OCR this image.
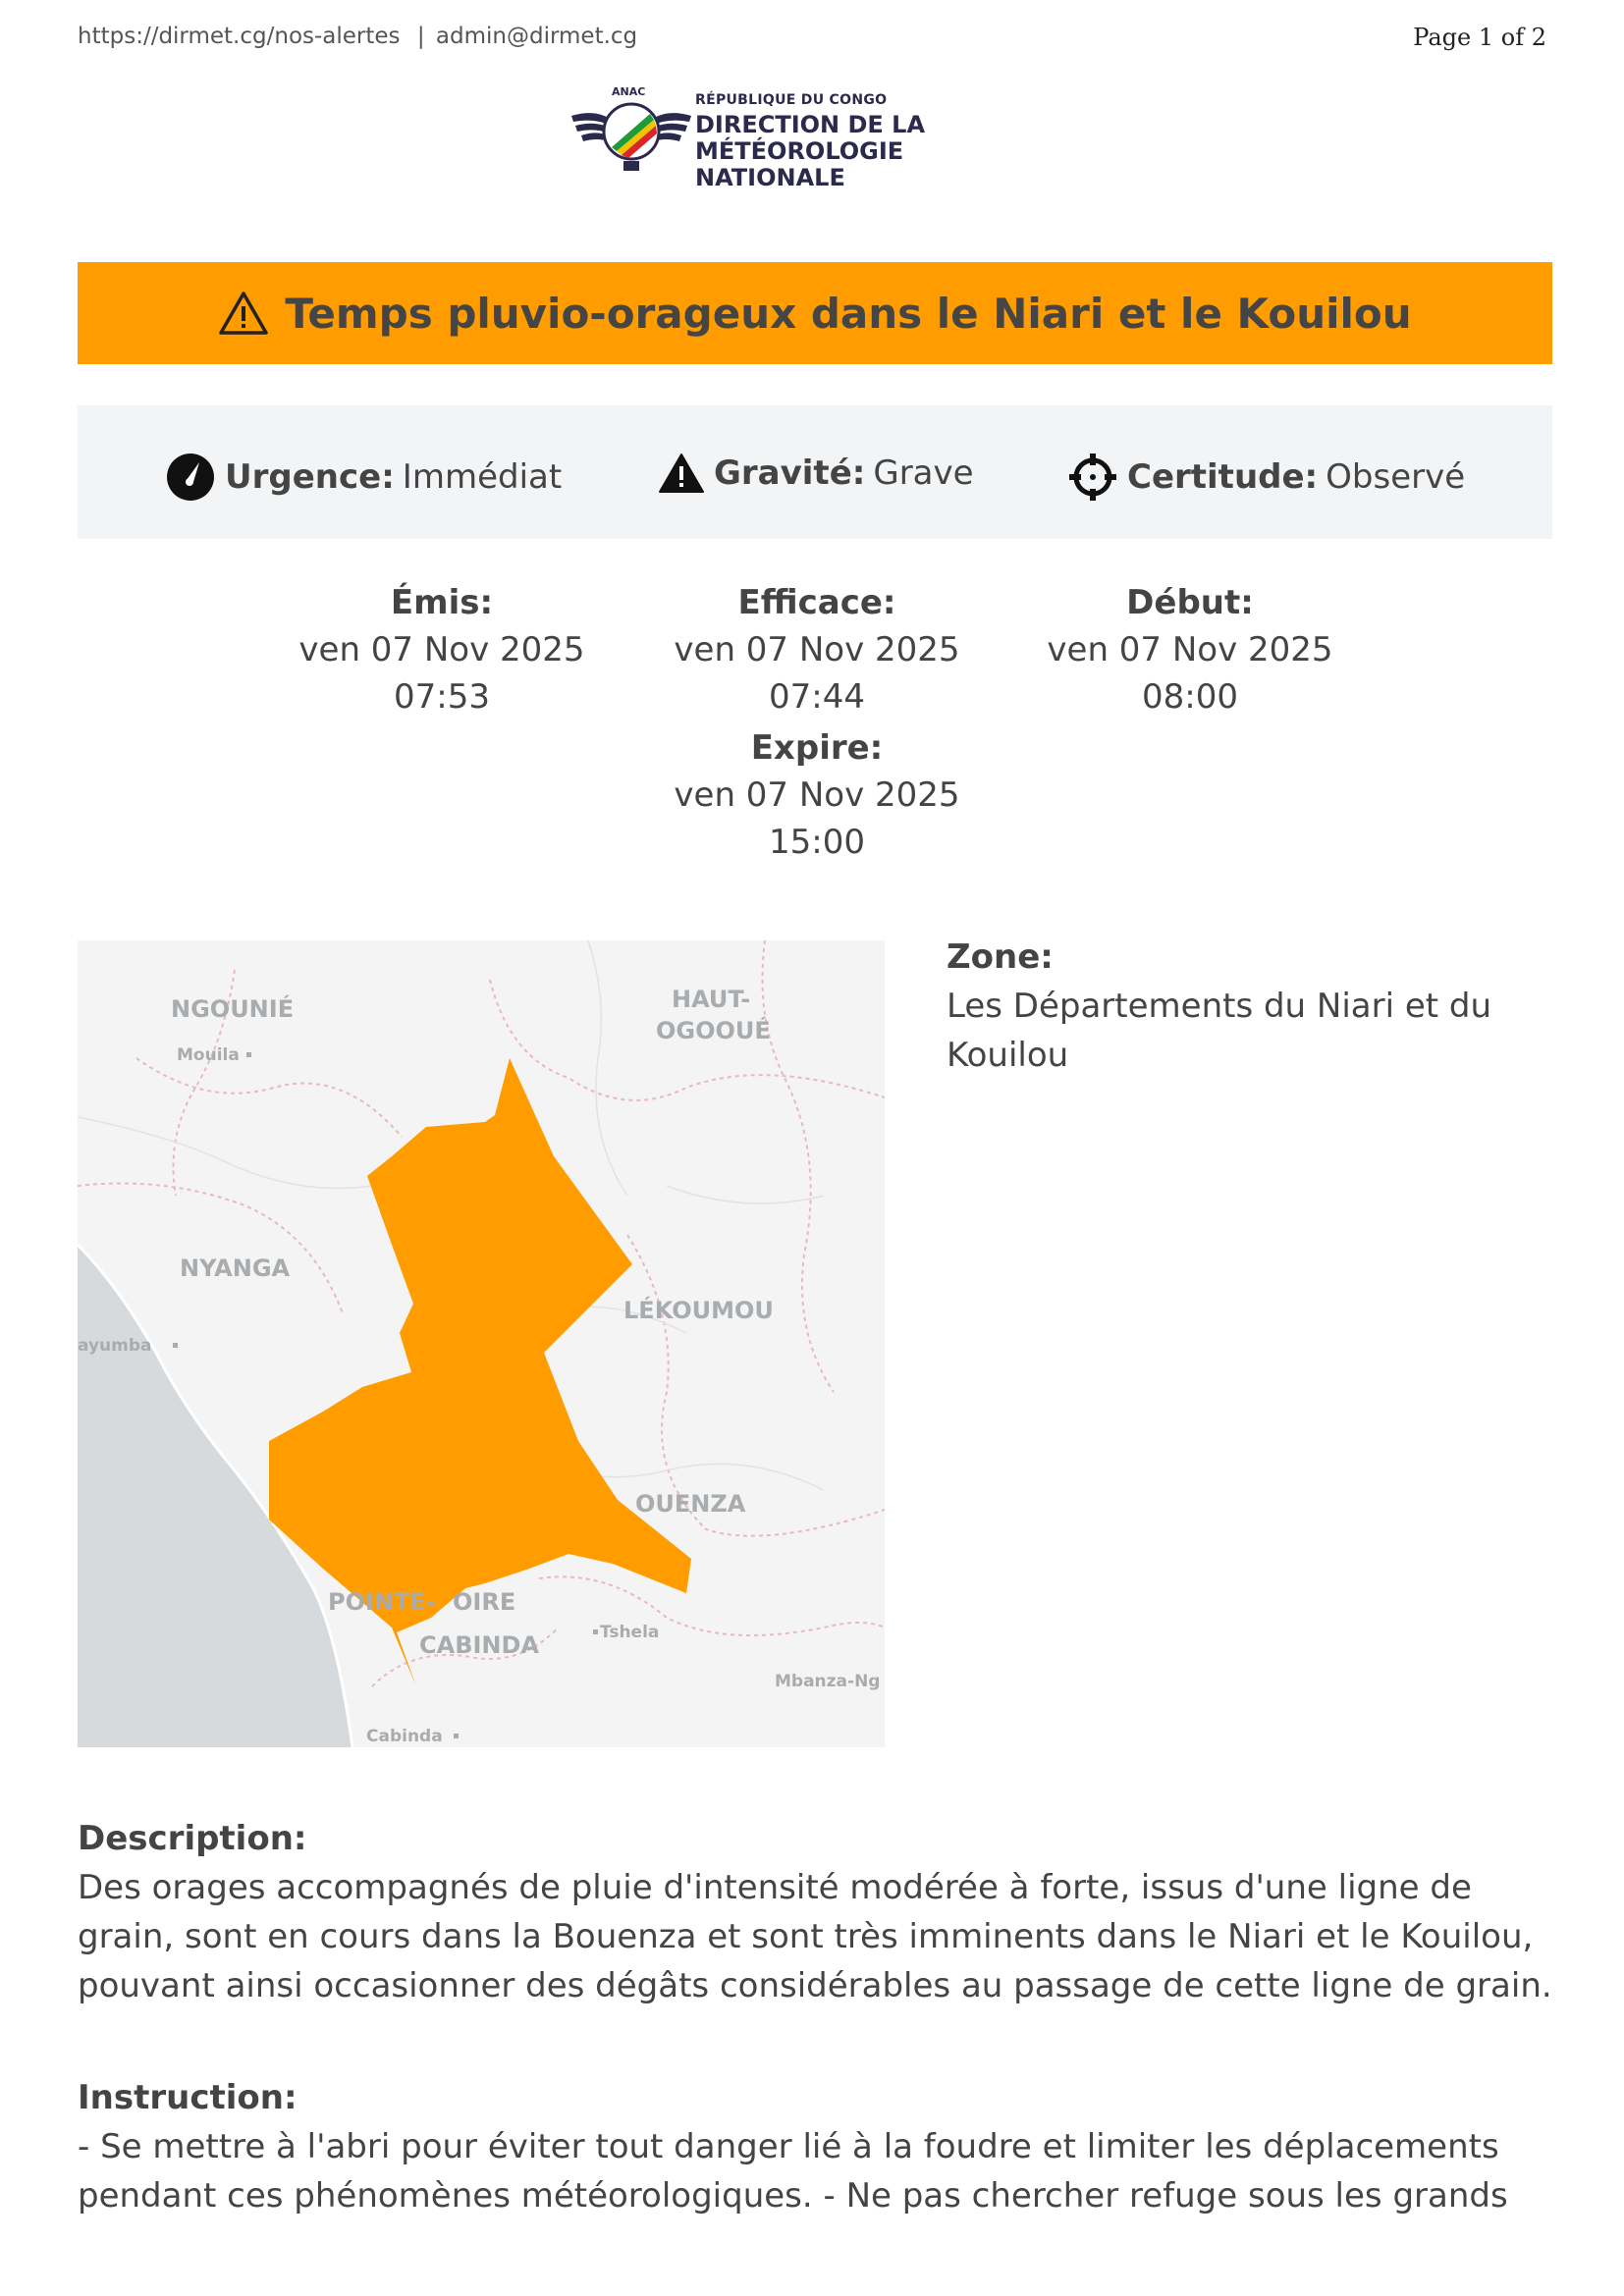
https://dirmet.cg/nos-alertes | admin@dirmet.cg	Page 1 of 2
ANAC
RÉPUBLIQUE DU CONGO
DIRECTION DE LA
MÉTÉOROLOGIE NATIONALE
Temps pluvio-orageux dans le Niari et le Kouilou
Urgence: Immédiat	Gravité: Grave	Certitude: Observé
Émis:
ven 07 Nov 2025
07:53
Efficace:
ven 07 Nov 2025
07:44
Début:
ven 07 Nov 2025
08:00
Expire:
ven 07 Nov 2025
15:00
NGOUNIÉ
Mouila
HAUT-
OGOOUÉ
NYANGA
ayumba
LÉKOUMOU
OUENZA
POINTE- OIRE
CABINDA	Tshela
Mbanza-Ng
Cabinda
Zone:
Les Départements du Niari et du Kouilou
Description:
Des orages accompagnés de pluie d'intensité modérée à forte, issus d'une ligne de grain, sont en cours dans la Bouenza et sont très imminents dans le Niari et le Kouilou, pouvant ainsi occasionner des dégâts considérables au passage de cette ligne de grain.
Instruction:
- Se mettre à l'abri pour éviter tout danger lié à la foudre et limiter les déplacements pendant ces phénomènes météorologiques. - Ne pas chercher refuge sous les grands
